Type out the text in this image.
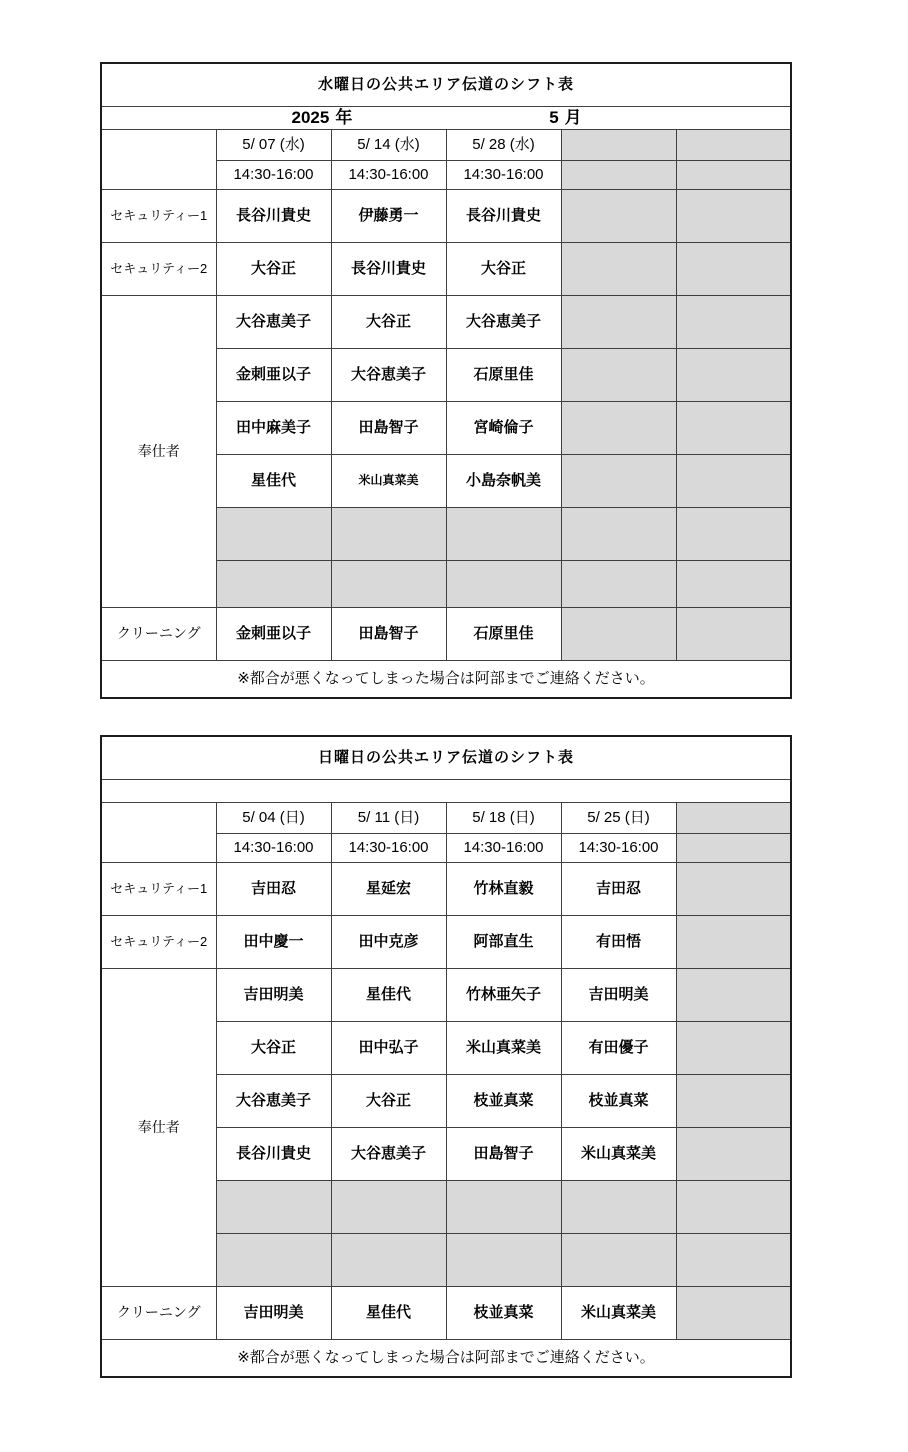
水曜日の公共エリア伝道のシフト表					

2025 年 5 月					

	5/ 07 (水)	5/ 14 (水)	5/ 28 (水)		
	14:30-16:00	14:30-16:00	14:30-16:00		
セキュリティー1	長谷川貴史	伊藤勇一	長谷川貴史		
セキュリティー2	大谷正	長谷川貴史	大谷正		
奉仕者	大谷恵美子	大谷正	大谷恵美子		
	金刺亜以子	大谷恵美子	石原里佳		
	田中麻美子	田島智子	宮崎倫子		
	星佳代	米山真菜美	小島奈帆美		

クリーニング	金刺亜以子	田島智子	石原里佳		
※都合が悪くなってしまった場合は阿部までご連絡ください。					
日曜日の公共エリア伝道のシフト表					

	5/ 04 (日)	5/ 11 (日)	5/ 18 (日)	5/ 25 (日)	
	14:30-16:00	14:30-16:00	14:30-16:00	14:30-16:00	
セキュリティー1	吉田忍	星延宏	竹林直毅	吉田忍	
セキュリティー2	田中慶一	田中克彦	阿部直生	有田悟	
奉仕者	吉田明美	星佳代	竹林亜矢子	吉田明美	
	大谷正	田中弘子	米山真菜美	有田優子	
	大谷恵美子	大谷正	枝並真菜	枝並真菜	
	長谷川貴史	大谷恵美子	田島智子	米山真菜美	

クリーニング	吉田明美	星佳代	枝並真菜	米山真菜美	
※都合が悪くなってしまった場合は阿部までご連絡ください。					
